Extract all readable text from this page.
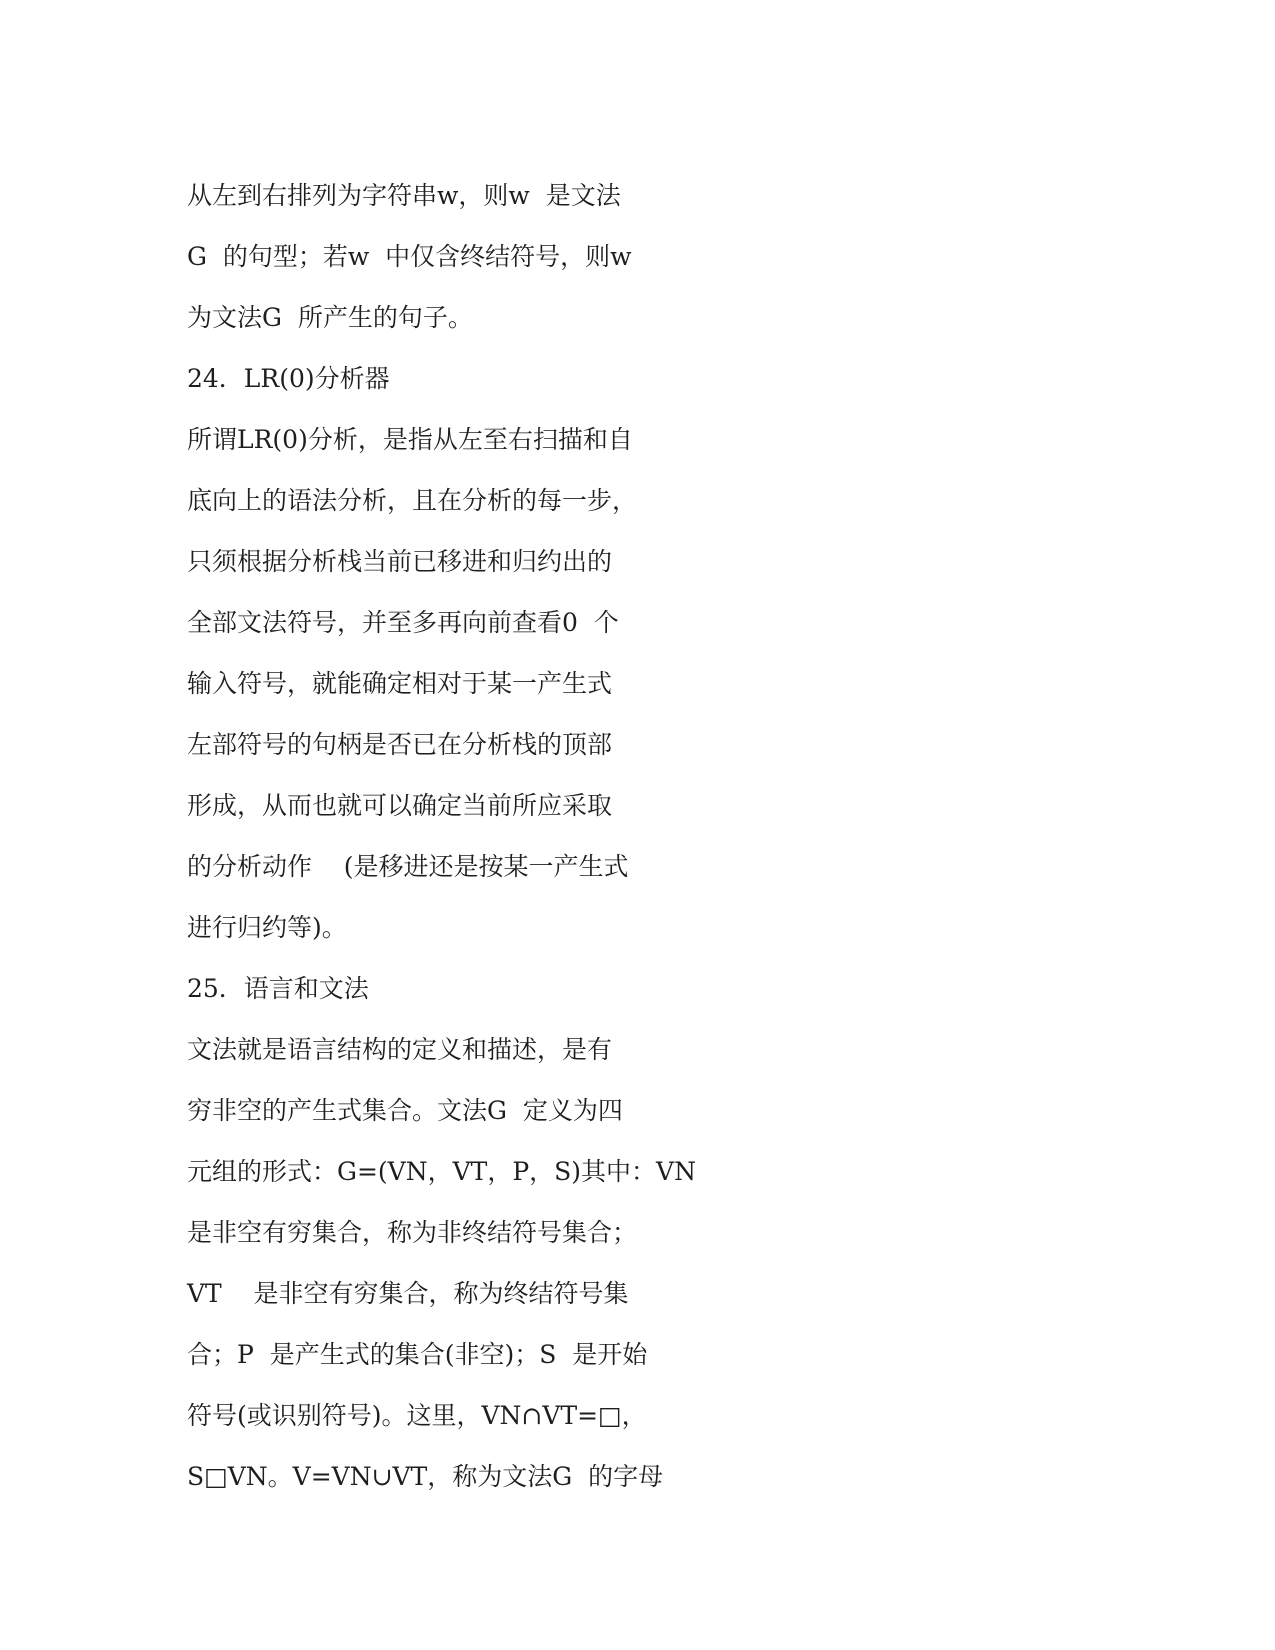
从左到右排列为字符串w，则w  是文法
G  的句型；若w  中仅含终结符号，则w
为文法G  所产生的句子。
24．LR(0)分析器
所谓LR(0)分析，是指从左至右扫描和自
底向上的语法分析，且在分析的每一步，
只须根据分析栈当前已移进和归约出的
全部文法符号，并至多再向前查看0  个
输入符号，就能确定相对于某一产生式
左部符号的句柄是否已在分析栈的顶部
形成，从而也就可以确定当前所应采取
的分析动作    (是移进还是按某一产生式
进行归约等)。
25．语言和文法
文法就是语言结构的定义和描述，是有
穷非空的产生式集合。文法G  定义为四
元组的形式：G=(VN，VT，P，S)其中：VN
是非空有穷集合，称为非终结符号集合；
VT    是非空有穷集合，称为终结符号集
合；P  是产生式的集合(非空)；S  是开始
符号(或识别符号)。这里，VN∩VT=□，
S□VN。V=VN∪VT，称为文法G  的字母
